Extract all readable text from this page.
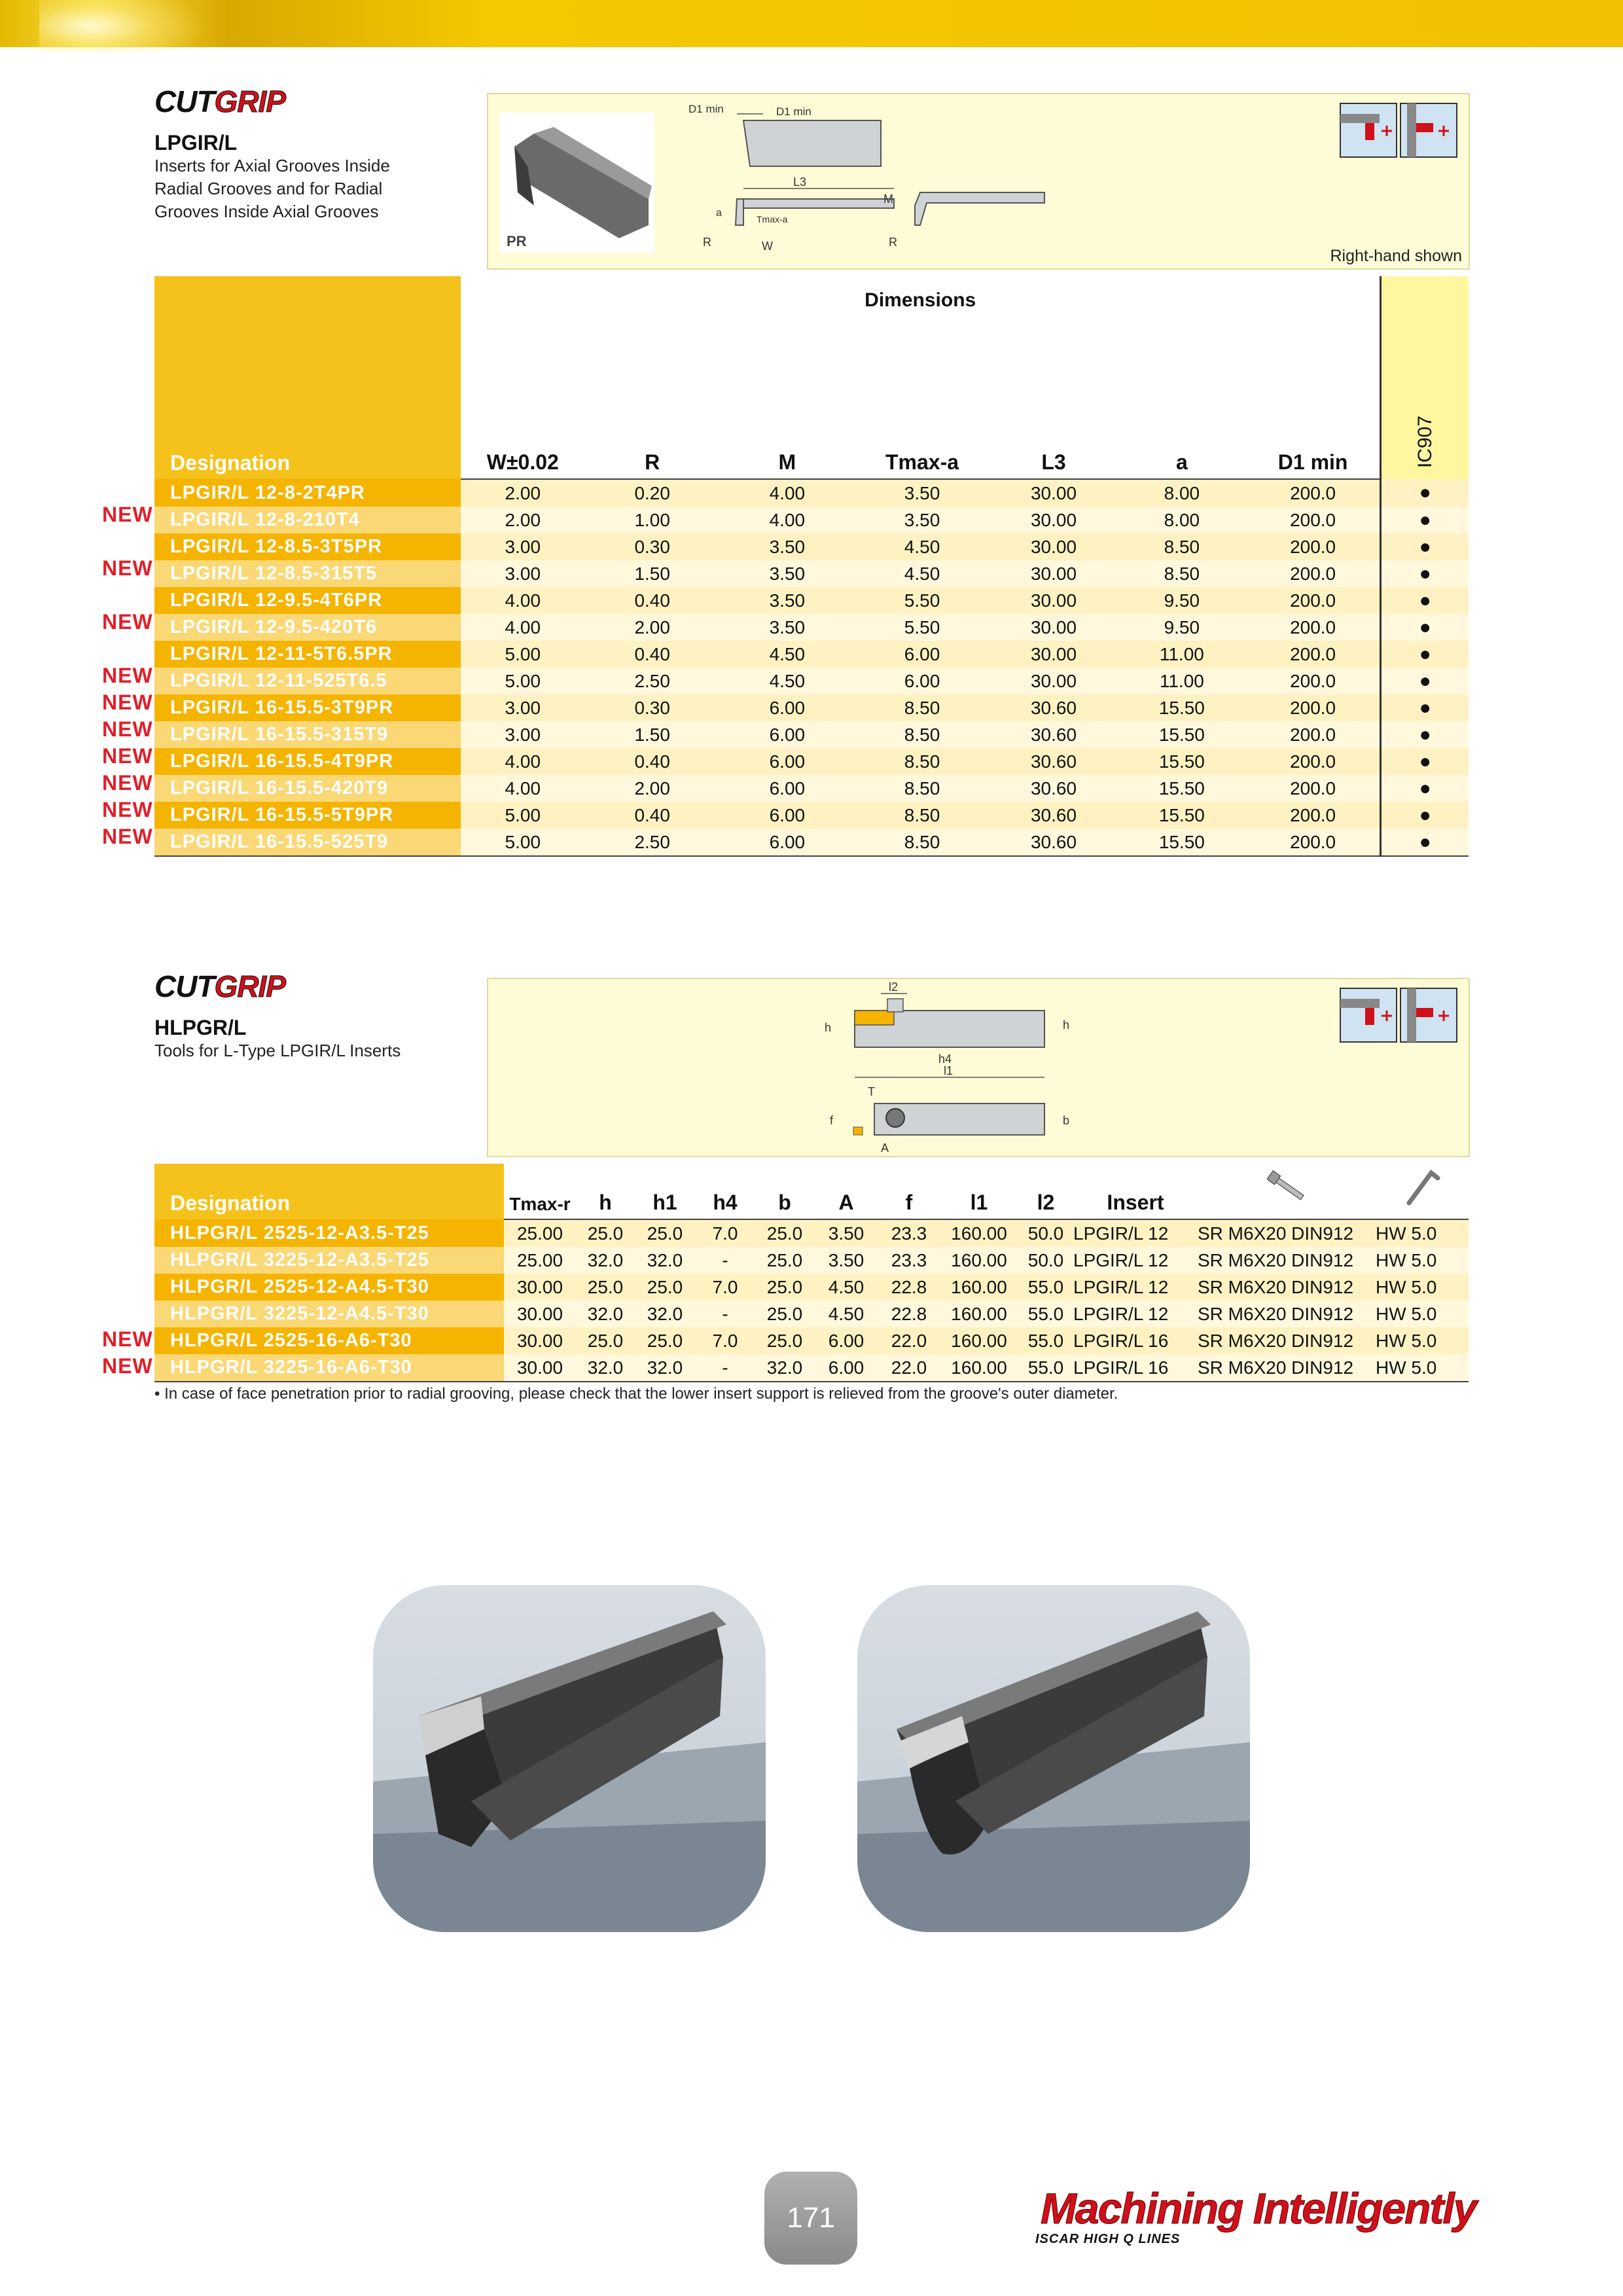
CUTGRIP
LPGIR/L
Inserts for Axial Grooves Inside
Radial Grooves and for Radial
Grooves Inside Axial Grooves
PR
D1 min	D1 min
L3
M
a
Tmax-a
R	W	R
Right-hand shown
Designation	Dimensions							IC907
	W±0.02	R	M	Tmax-a	L3	a	D1 min	
LPGIR/L 12-8-2T4PR	2.00	0.20	4.00	3.50	30.00	8.00	200.0	●
LPGIR/L 12-8-210T4	2.00	1.00	4.00	3.50	30.00	8.00	200.0	●
LPGIR/L 12-8.5-3T5PR	3.00	0.30	3.50	4.50	30.00	8.50	200.0	●
LPGIR/L 12-8.5-315T5	3.00	1.50	3.50	4.50	30.00	8.50	200.0	●
LPGIR/L 12-9.5-4T6PR	4.00	0.40	3.50	5.50	30.00	9.50	200.0	●
LPGIR/L 12-9.5-420T6	4.00	2.00	3.50	5.50	30.00	9.50	200.0	●
LPGIR/L 12-11-5T6.5PR	5.00	0.40	4.50	6.00	30.00	11.00	200.0	●
LPGIR/L 12-11-525T6.5	5.00	2.50	4.50	6.00	30.00	11.00	200.0	●
LPGIR/L 16-15.5-3T9PR	3.00	0.30	6.00	8.50	30.60	15.50	200.0	●
LPGIR/L 16-15.5-315T9	3.00	1.50	6.00	8.50	30.60	15.50	200.0	●
LPGIR/L 16-15.5-4T9PR	4.00	0.40	6.00	8.50	30.60	15.50	200.0	●
LPGIR/L 16-15.5-420T9	4.00	2.00	6.00	8.50	30.60	15.50	200.0	●
LPGIR/L 16-15.5-5T9PR	5.00	0.40	6.00	8.50	30.60	15.50	200.0	●
LPGIR/L 16-15.5-525T9	5.00	2.50	6.00	8.50	30.60	15.50	200.0	●
NEW
NEW
NEW
NEW
NEW
NEW
NEW
NEW
NEW
NEW
CUTGRIP
HLPGR/L
Tools for L-Type LPGIR/L Inserts
l2
h	h
h4
l1
T
f	b
A
Designation	Tmax-r	h	h1	h4	b	A	f	l1	l2	Insert		
HLPGR/L 2525-12-A3.5-T25	25.00	25.0	25.0	7.0	25.0	3.50	23.3	160.00	50.0	LPGIR/L 12	SR M6X20 DIN912	HW 5.0
HLPGR/L 3225-12-A3.5-T25	25.00	32.0	32.0	-	25.0	3.50	23.3	160.00	50.0	LPGIR/L 12	SR M6X20 DIN912	HW 5.0
HLPGR/L 2525-12-A4.5-T30	30.00	25.0	25.0	7.0	25.0	4.50	22.8	160.00	55.0	LPGIR/L 12	SR M6X20 DIN912	HW 5.0
HLPGR/L 3225-12-A4.5-T30	30.00	32.0	32.0	-	25.0	4.50	22.8	160.00	55.0	LPGIR/L 12	SR M6X20 DIN912	HW 5.0
HLPGR/L 2525-16-A6-T30	30.00	25.0	25.0	7.0	25.0	6.00	22.0	160.00	55.0	LPGIR/L 16	SR M6X20 DIN912	HW 5.0
HLPGR/L 3225-16-A6-T30	30.00	32.0	32.0	-	32.0	6.00	22.0	160.00	55.0	LPGIR/L 16	SR M6X20 DIN912	HW 5.0
NEW
NEW
• In case of face penetration prior to radial grooving, please check that the lower insert support is relieved from the groove's outer diameter.
171	Machining Intelligently
ISCAR HIGH Q LINES
